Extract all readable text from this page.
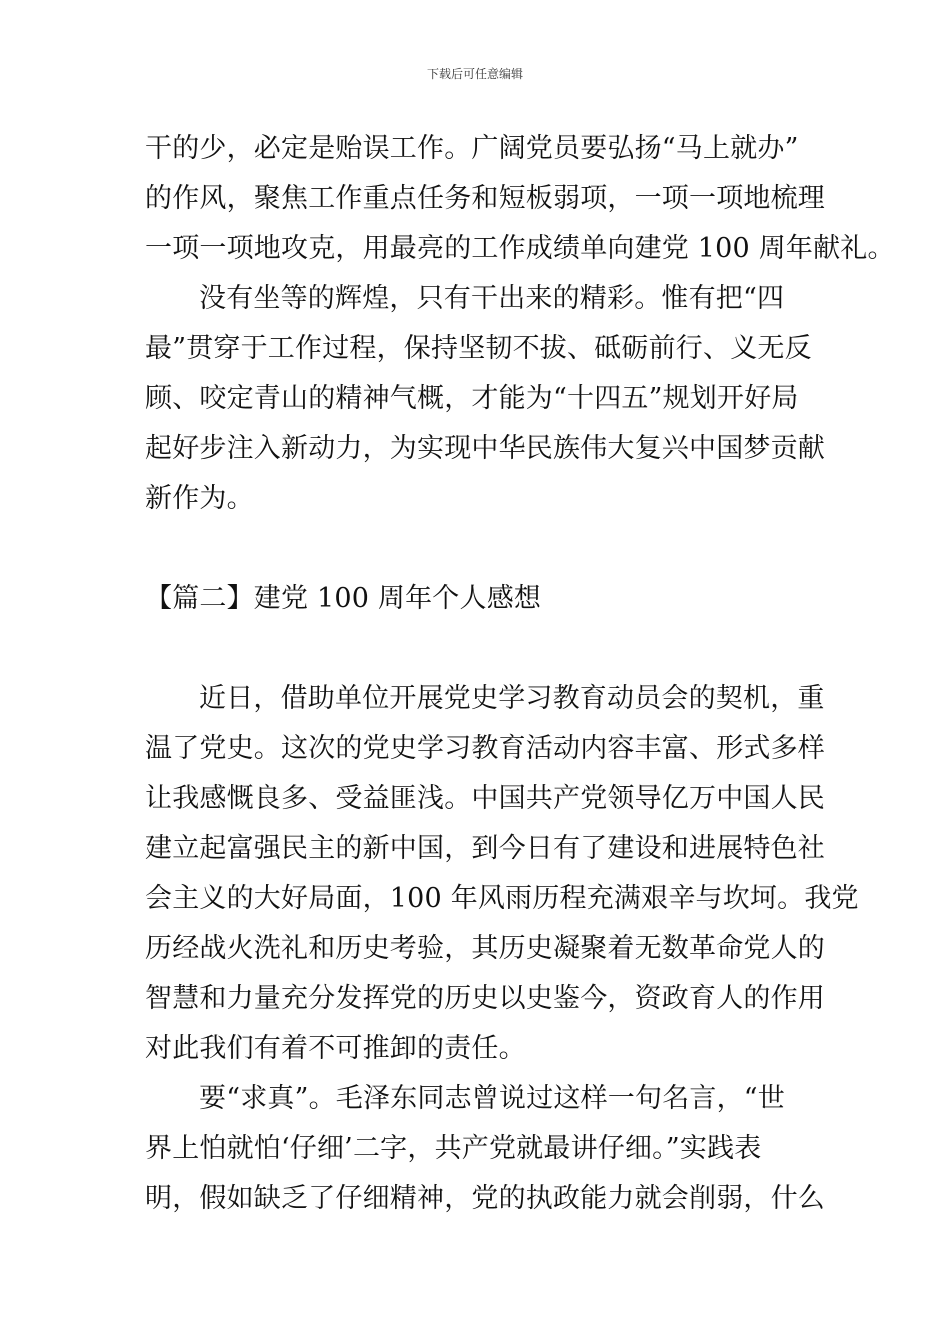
下载后可任意编辑
干的少，必定是贻误工作。广阔党员要弘扬“马上就办”
的作风，聚焦工作重点任务和短板弱项，一项一项地梳理
一项一项地攻克，用最亮的工作成绩单向建党 100 周年献礼。
没有坐等的辉煌，只有干出来的精彩。惟有把“四
最”贯穿于工作过程，保持坚韧不拔、砥砺前行、义无反
顾、咬定青山的精神气概，才能为“十四五”规划开好局
起好步注入新动力，为实现中华民族伟大复兴中国梦贡献
新作为。
【篇二】建党 100 周年个人感想
近日，借助单位开展党史学习教育动员会的契机，重
温了党史。这次的党史学习教育活动内容丰富、形式多样
让我感慨良多、受益匪浅。中国共产党领导亿万中国人民
建立起富强民主的新中国，到今日有了建设和进展特色社
会主义的大好局面，100 年风雨历程充满艰辛与坎坷。我党
历经战火洗礼和历史考验，其历史凝聚着无数革命党人的
智慧和力量充分发挥党的历史以史鉴今，资政育人的作用
对此我们有着不可推卸的责任。
要“求真”。毛泽东同志曾说过这样一句名言，“世
界上怕就怕‘仔细’二字，共产党就最讲仔细。”实践表
明，假如缺乏了仔细精神，党的执政能力就会削弱，什么
